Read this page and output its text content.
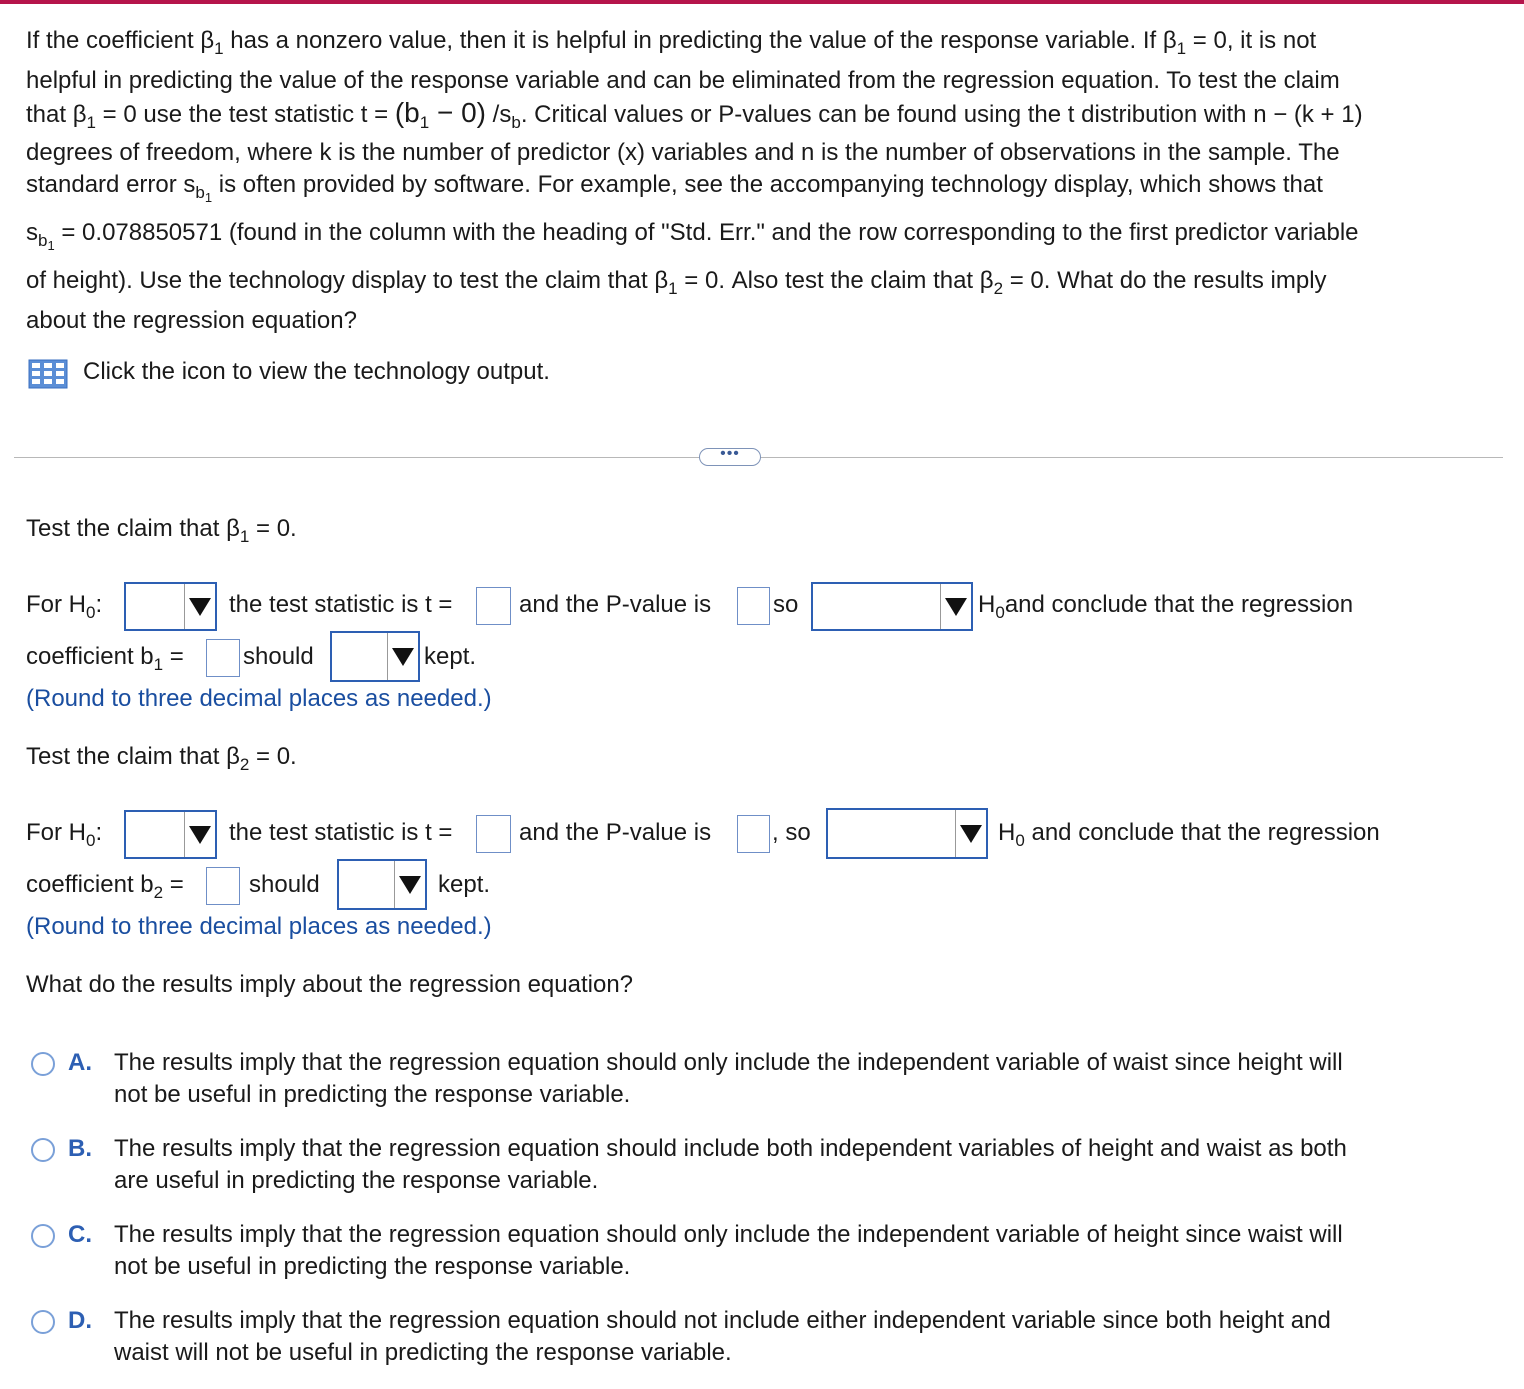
If the coefficient $\beta_1$ has a nonzero value, then it is helpful in predicting the value of the response variable. If $\beta_1 = 0$, it is not
helpful in predicting the value of the response variable and can be eliminated from the regression equation. To test the claim
that $\beta_1 = 0$ use the test statistic $t = (b_1 - 0)$ $/s_b$. Critical values or P-values can be found using the t distribution with n − (k + 1)
degrees of freedom, where k is the number of predictor (x) variables and n is the number of observations in the sample. The
standard error $s_{b_1}$ is often provided by software. For example, see the accompanying technology display, which shows that
$s_{b_1} = 0.078850571$ (found in the column with the heading of "Std. Err." and the row corresponding to the first predictor variable
of height). Use the technology display to test the claim that $\beta_1 = 0$. Also test the claim that $\beta_2 = 0$. What do the results imply
about the regression equation?
Click the icon to view the technology output.
•••
Test the claim that $\beta_1 = 0$.
For $H_0$:	the test statistic is t =	and the P-value is	so	$H_0and$ conclude that the regression
coefficient $b_1$ = should	kept.
(Round to three decimal places as needed.)
Test the claim that $\beta_2 = 0$.
For $H_0$:	the test statistic is t =	and the P-value is	, so	$H_0$ and conclude that the regression
coefficient $b_2$ =	should	kept.
(Round to three decimal places as needed.)
What do the results imply about the regression equation?
A. The results imply that the regression equation should only include the independent variable of waist since height will
not be useful in predicting the response variable.
B. The results imply that the regression equation should include both independent variables of height and waist as both
are useful in predicting the response variable.
C. The results imply that the regression equation should only include the independent variable of height since waist will
not be useful in predicting the response variable.
D. The results imply that the regression equation should not include either independent variable since both height and
waist will not be useful in predicting the response variable.
